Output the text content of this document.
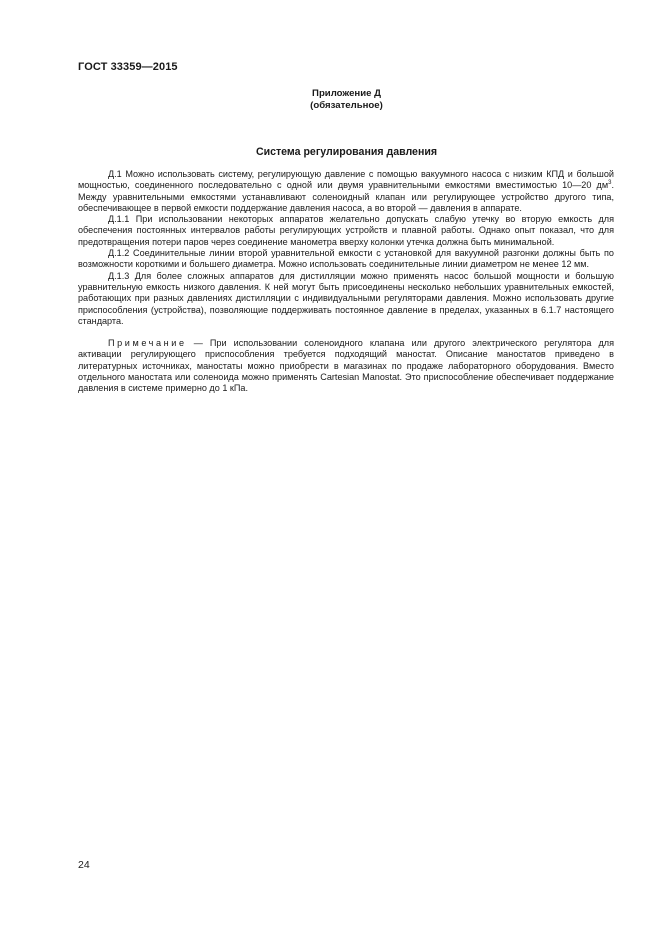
ГОСТ 33359—2015
Приложение Д
(обязательное)
Система регулирования давления

Д.1 Можно использовать систему, регулирующую давление с помощью вакуумного насоса с низким КПД и большой мощностью, соединенного последовательно с одной или двумя уравнительными емкостями вместимостью 10—20 $дм^3$. Между уравнительными емкостями устанавливают соленоидный клапан или регулирующее устройство другого типа, обеспечивающее в первой емкости поддержание давления насоса, а во второй — давления в аппарате.

Д.1.1 При использовании некоторых аппаратов желательно допускать слабую утечку во вторую емкость для обеспечения постоянных интервалов работы регулирующих устройств и плавной работы. Однако опыт показал, что для предотвращения потери паров через соединение манометра вверху колонки утечка должна быть минимальной.

Д.1.2 Соединительные линии второй уравнительной емкости с установкой для вакуумной разгонки должны быть по возможности короткими и большего диаметра. Можно использовать соединительные линии диаметром не менее 12 мм.

Д.1.3 Для более сложных аппаратов для дистилляции можно применять насос большой мощности и большую уравнительную емкость низкого давления. К ней могут быть присоединены несколько небольших уравнительных емкостей, работающих при разных давлениях дистилляции с индивидуальными регуляторами давления. Можно использовать другие приспособления (устройства), позволяющие поддерживать постоянное давление в пределах, указанных в 6.1.7 настоящего стандарта.

Примечание — При использовании соленоидного клапана или другого электрического регулятора для активации регулирующего приспособления требуется подходящий маностат. Описание маностатов приведено в литературных источниках, маностаты можно приобрести в магазинах по продаже лабораторного оборудования. Вместо отдельного маностата или соленоида можно применять Cartesian Manostat. Это приспособление обеспечивает поддержание давления в системе примерно до 1 кПа.

24
